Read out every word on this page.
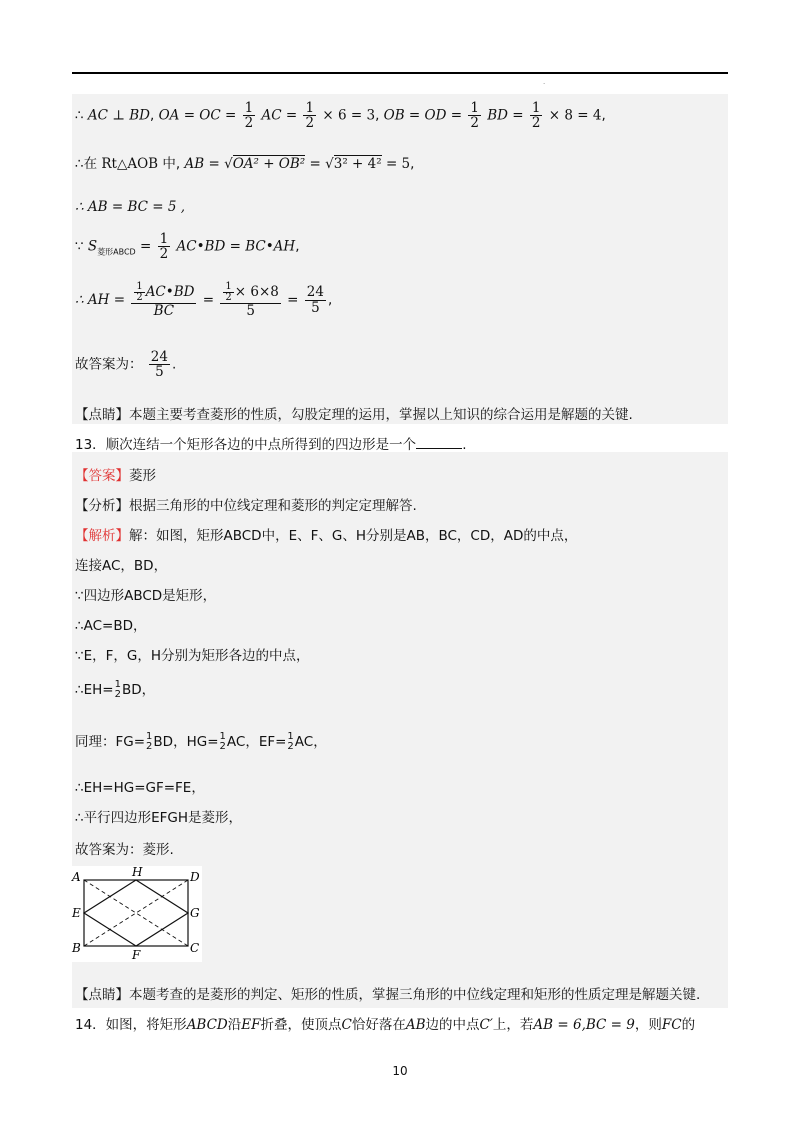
·
∴ AC ⊥ BD, OA = OC = $\frac{1}{2}$ AC = $\frac{1}{2} \times 6 = 3$, OB = OD = $\frac{1}{2}$ BD = $\frac{1}{2} \times 8 = 4$,
∴在 Rt△AOB 中, AB = √OA² + OB² = √3² + 4² = 5,
∴ AB = BC = 5 ,
∵ $S_{菱形ABCD} = \frac{1}{2}$ AC•BD = BC•AH,
∴ AH = $\frac{\frac{1}{2} AC•BD}{BC} = \frac{\frac{1}{2} \times 6\times 8}{5} = \frac{24}{5}$ ,
故答案为： $\frac{24}{5}$ .
【点睛】本题主要考查菱形的性质，勾股定理的运用，掌握以上知识的综合运用是解题的关键.
13．顺次连结一个矩形各边的中点所得到的四边形是一个	.
【答案】菱形
【分析】根据三角形的中位线定理和菱形的判定定理解答.
【解析】解：如图，矩形ABCD中，E、F、G、H分别是AB，BC，CD，AD的中点，
连接AC，BD，
∵四边形ABCD是矩形，
∴AC=BD，
∵E，F，G，H分别为矩形各边的中点，
∴EH= 1
2 BD，
同理：FG= 1
2 BD，HG= 1
2 AC，EF= 1
2 AC，
∴EH=HG=GF=FE，
∴平行四边形EFGH是菱形，
故答案为：菱形.
A	H	D
E	G
B	F	C
【点睛】本题考查的是菱形的判定、矩形的性质，掌握三角形的中位线定理和矩形的性质定理是解题关键.
14．如图，将矩形ABCD沿EF折叠，使顶点C恰好落在AB边的中点C′上，若AB = 6,BC = 9，则FC的
10
